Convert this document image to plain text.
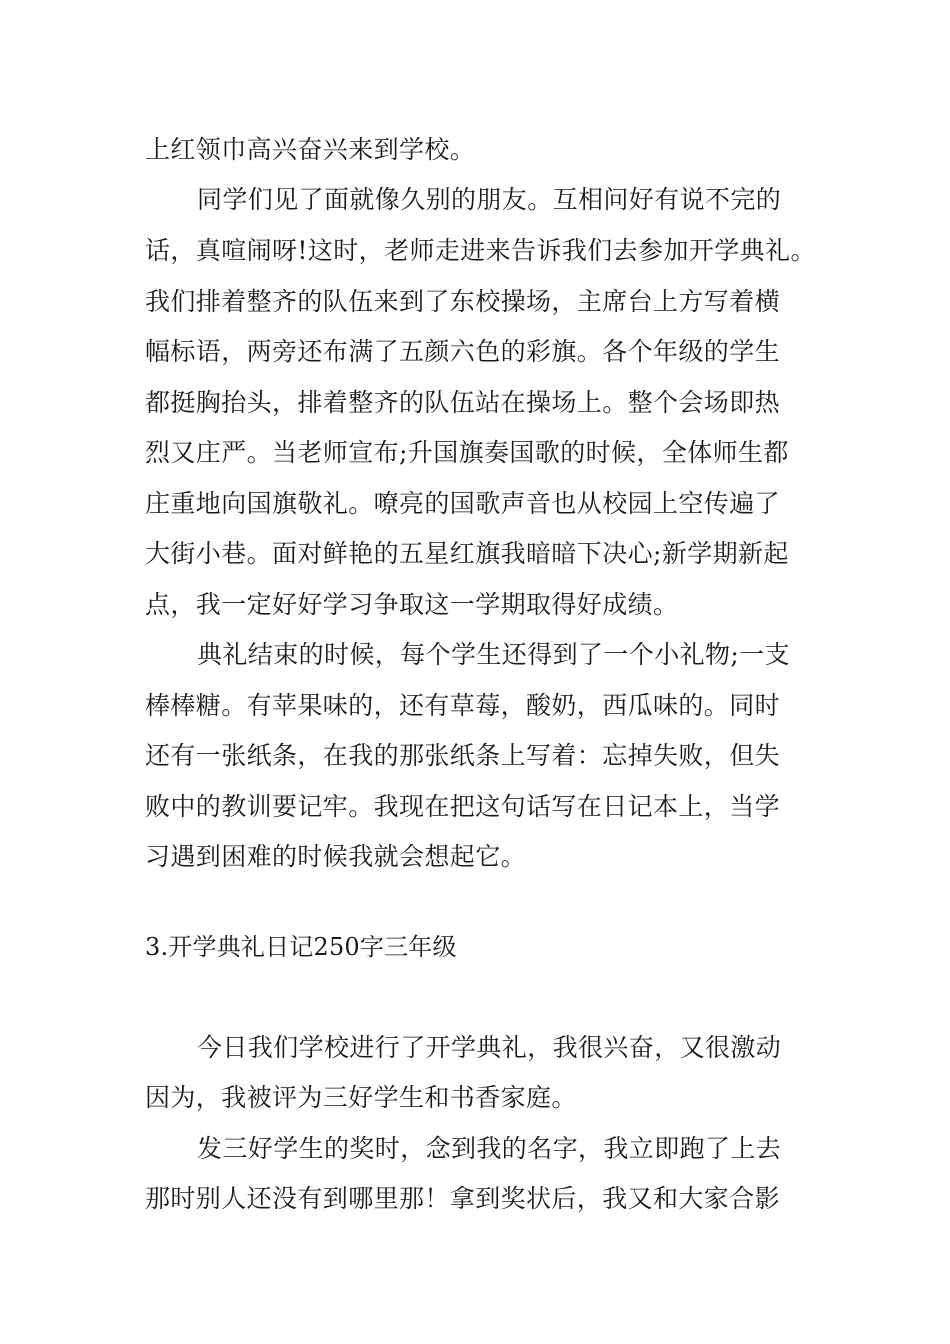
上红领巾高兴奋兴来到学校。
同学们见了面就像久别的朋友。互相问好有说不完的
话，真喧闹呀!这时，老师走进来告诉我们去参加开学典礼。
我们排着整齐的队伍来到了东校操场，主席台上方写着横
幅标语，两旁还布满了五颜六色的彩旗。各个年级的学生
都挺胸抬头，排着整齐的队伍站在操场上。整个会场即热
烈又庄严。当老师宣布;升国旗奏国歌的时候，全体师生都
庄重地向国旗敬礼。嘹亮的国歌声音也从校园上空传遍了
大街小巷。面对鲜艳的五星红旗我暗暗下决心;新学期新起
点，我一定好好学习争取这一学期取得好成绩。
典礼结束的时候，每个学生还得到了一个小礼物;一支
棒棒糖。有苹果味的，还有草莓，酸奶，西瓜味的。同时
还有一张纸条，在我的那张纸条上写着：忘掉失败，但失
败中的教训要记牢。我现在把这句话写在日记本上，当学
习遇到困难的时候我就会想起它。
3.开学典礼日记250字三年级
今日我们学校进行了开学典礼，我很兴奋，又很激动
因为，我被评为三好学生和书香家庭。
发三好学生的奖时，念到我的名字，我立即跑了上去
那时别人还没有到哪里那！拿到奖状后，我又和大家合影
